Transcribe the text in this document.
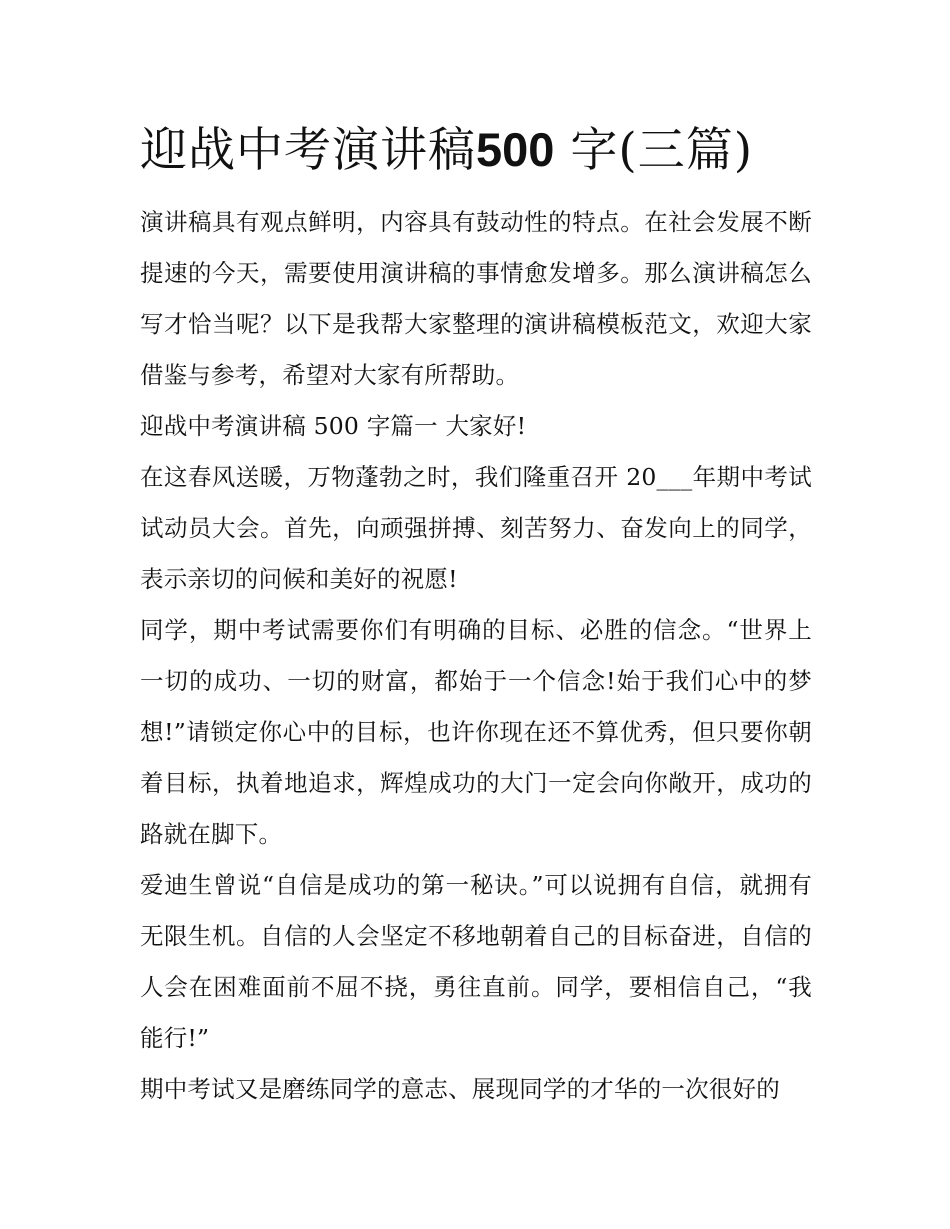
迎战中考演讲稿500 字(三篇)

演讲稿具有观点鲜明，内容具有鼓动性的特点。在社会发展不断提速的今天，需要使用演讲稿的事情愈发增多。那么演讲稿怎么写才恰当呢？以下是我帮大家整理的演讲稿模板范文，欢迎大家借鉴与参考，希望对大家有所帮助。

迎战中考演讲稿 500 字篇一 大家好!

在这春风送暖，万物蓬勃之时，我们隆重召开 20___年期中考试试动员大会。首先，向顽强拼搏、刻苦努力、奋发向上的同学，表示亲切的问候和美好的祝愿!

同学，期中考试需要你们有明确的目标、必胜的信念。“世界上一切的成功、一切的财富，都始于一个信念!始于我们心中的梦想!”请锁定你心中的目标，也许你现在还不算优秀，但只要你朝着目标，执着地追求，辉煌成功的大门一定会向你敞开，成功的路就在脚下。

爱迪生曾说“自信是成功的第一秘诀。”可以说拥有自信，就拥有无限生机。自信的人会坚定不移地朝着自己的目标奋进，自信的人会在困难面前不屈不挠，勇往直前。同学，要相信自己，“我能行!”

期中考试又是磨练同学的意志、展现同学的才华的一次很好的
